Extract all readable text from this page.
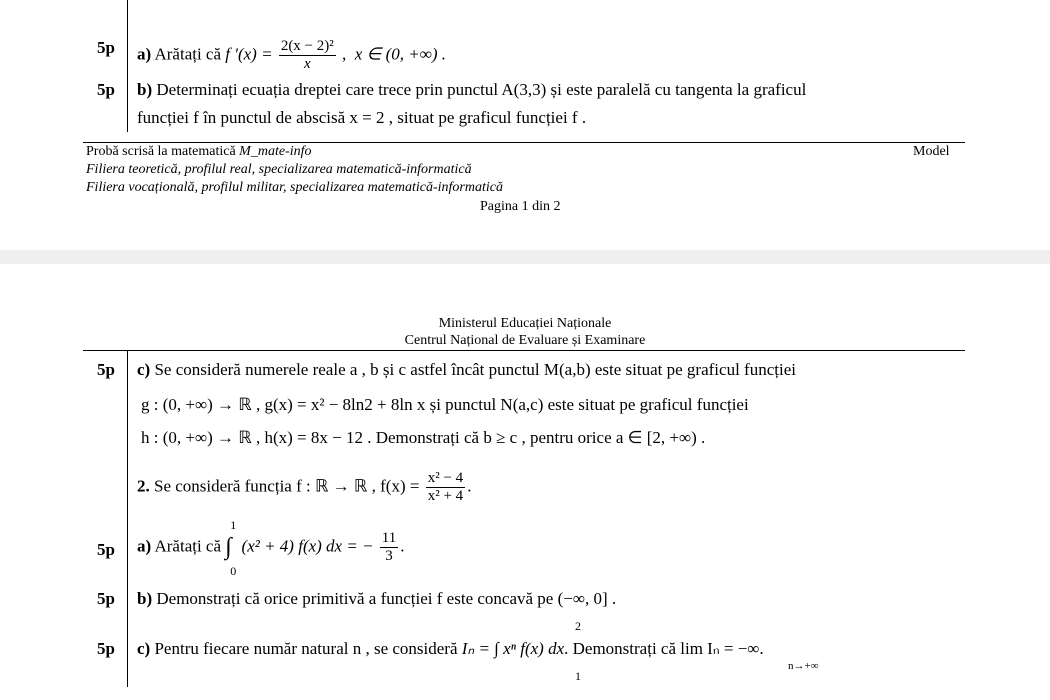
5p a) Arătați că f $'(x) = \frac{\text{2(x − 2)²}}{x}$ ,  x ∈ (0, +∞) .
5p b) Determinați ecuația dreptei care trece prin punctul A(3,3) și este paralelă cu tangenta la graficul
funcției f în punctul de abscisă x = 2 , situat pe graficul funcției f .
Probă scrisă la matematică M_mate-info	Model
Filiera teoretică, profilul real, specializarea matematică-informatică
Filiera vocațională, profilul militar, specializarea matematică-informatică
Pagina 1 din 2
Ministerul Educației Naționale
Centrul Național de Evaluare și Examinare
5p c) Se consideră numerele reale a , b și c astfel încât punctul M(a,b) este situat pe graficul funcției
g : (0, +∞) → ℝ , g(x) = x² − 8ln2 + 8ln x și punctul N(a,c) este situat pe graficul funcției
h : (0, +∞) → ℝ , h(x) = 8x − 12 . Demonstrați că b ≥ c , pentru orice a ∈ [2, +∞) .
2. Se consideră funcția f : ℝ → ℝ , $f(x) = \frac{\text{x² − 4}}{\text{x² + 4}}$ .
5p a) Arătați că ∫
1
0
(x² + 4) f(x) dx = − $\frac{11}{3}$ .
5p b) Demonstrați că orice primitivă a funcției f este concavă pe (−∞, 0] .
5p c) Pentru fiecare număr natural n , se consideră Iₙ = ∫ xⁿ f(x) dx. Demonstrați că lim Iₙ = −∞.
2
1
n→+∞
